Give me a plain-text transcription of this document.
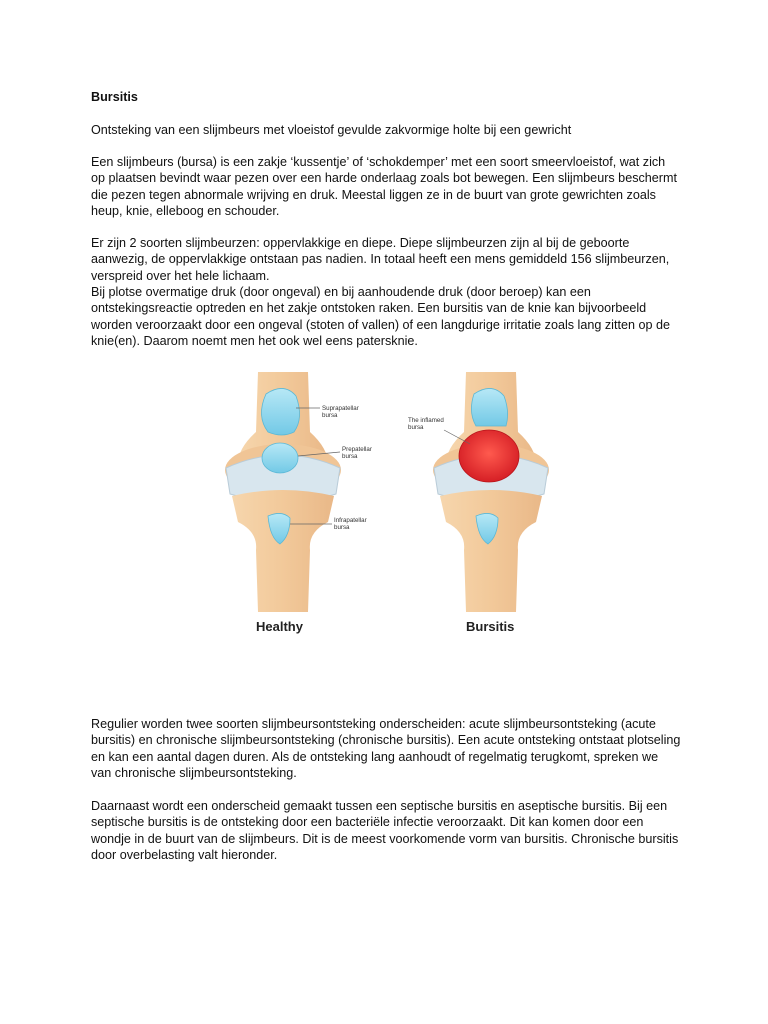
Bursitis
Ontsteking van een slijmbeurs met vloeistof gevulde zakvormige holte bij een gewricht
Een slijmbeurs (bursa) is een zakje ‘kussentje’ of ‘schokdemper’ met een soort smeervloeistof, wat zich op plaatsen bevindt waar pezen over een harde onderlaag zoals bot bewegen. Een slijmbeurs beschermt die pezen tegen abnormale wrijving en druk. Meestal liggen ze in de buurt van grote gewrichten zoals heup, knie, elleboog en schouder.
Er zijn 2 soorten slijmbeurzen: oppervlakkige en diepe. Diepe slijmbeurzen zijn al bij de geboorte aanwezig, de oppervlakkige ontstaan pas nadien. In totaal heeft een mens gemiddeld 156 slijmbeurzen, verspreid over het hele lichaam.
Bij plotse overmatige druk (door ongeval) en bij aanhoudende druk (door beroep) kan een ontstekingsreactie optreden en het zakje ontstoken raken. Een bursitis van de knie kan bijvoorbeeld worden veroorzaakt door een ongeval (stoten of vallen) of een langdurige irritatie zoals lang zitten op de knie(en). Daarom noemt men het ook wel eens patersknie.
Suprapatellar
bursa
Prepatellar
bursa
Infrapatellar
bursa
Healthy
The inflamed
bursa
Bursitis
Regulier worden twee soorten slijmbeursontsteking onderscheiden: acute slijmbeursontsteking (acute bursitis) en chronische slijmbeursontsteking (chronische bursitis). Een acute ontsteking ontstaat plotseling en kan een aantal dagen duren. Als de ontsteking lang aanhoudt of regelmatig terugkomt, spreken we van chronische slijmbeursontsteking.
Daarnaast wordt een onderscheid gemaakt tussen een septische bursitis en aseptische bursitis. Bij een septische bursitis is de ontsteking door een bacteriële infectie veroorzaakt. Dit kan komen door een wondje in de buurt van de slijmbeurs. Dit is de meest voorkomende vorm van bursitis. Chronische bursitis door overbelasting valt hieronder.
